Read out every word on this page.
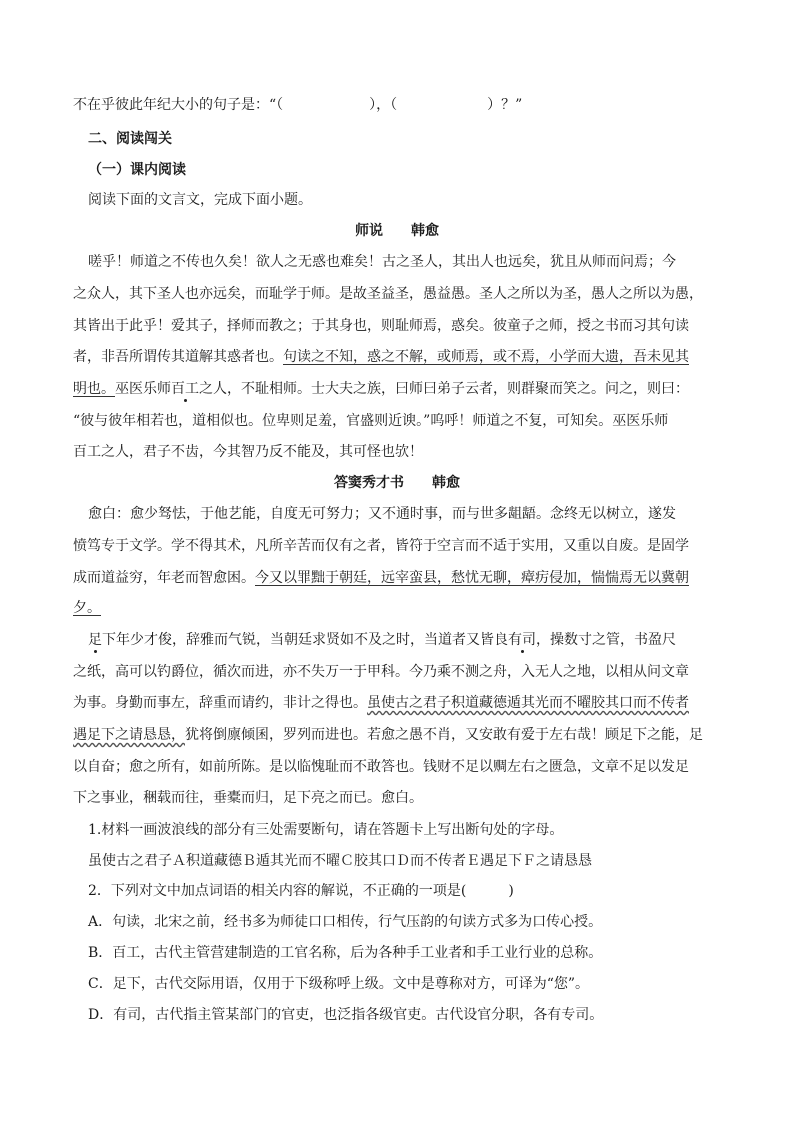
不在乎彼此年纪大小的句子是：“（	），（	）？”
二、阅读闯关
（一）课内阅读
阅读下面的文言文，完成下面小题。
师说 韩愈
嗟乎！师道之不传也久矣！欲人之无惑也难矣！古之圣人，其出人也远矣，犹且从师而问焉；今
之众人，其下圣人也亦远矣，而耻学于师。是故圣益圣，愚益愚。圣人之所以为圣，愚人之所以为愚，
其皆出于此乎！爱其子，择师而教之；于其身也，则耻师焉，惑矣。彼童子之师，授之书而习其句读
者，非吾所谓传其道解其惑者也。句读之不知，惑之不解，或师焉，或不焉，小学而大遗，吾未见其
明也。巫医乐师百工之人，不耻相师。士大夫之族，曰师曰弟子云者，则群聚而笑之。问之，则曰：
“彼与彼年相若也，道相似也。位卑则足羞，官盛则近谀。”呜呼！师道之不复，可知矣。巫医乐师
百工之人，君子不齿，今其智乃反不能及，其可怪也欤！
答窦秀才书 韩愈
愈白：愈少驽怯，于他艺能，自度无可努力；又不通时事，而与世多龃龉。念终无以树立，遂发
愤笃专于文学。学不得其术，凡所辛苦而仅有之者，皆符于空言而不适于实用，又重以自废。是固学
成而道益穷，年老而智愈困。今又以罪黜于朝廷，远宰蛮县，愁忧无聊，瘴疠侵加，惴惴焉无以冀朝
夕。
足下年少才俊，辞雅而气锐，当朝廷求贤如不及之时，当道者又皆良有司，操数寸之管，书盈尺
之纸，高可以钓爵位，循次而进，亦不失万一于甲科。今乃乘不测之舟，入无人之地，以相从问文章
为事。身勤而事左，辞重而请约，非计之得也。虽使古之君子积道藏德遁其光而不曜胶其口而不传者
遇足下之请恳恳，犹将倒廪倾囷，罗列而进也。若愈之愚不肖，又安敢有爱于左右哉！顾足下之能，足
以自奋；愈之所有，如前所陈。是以临愧耻而不敢答也。钱财不足以赒左右之匮急，文章不足以发足
下之事业，稇载而往，垂橐而归，足下亮之而已。愈白。
1.材料一画波浪线的部分有三处需要断句，请在答题卡上写出断句处的字母。
虽使古之君子Ａ积道藏德Ｂ遁其光而不曜Ｃ胶其口Ｄ而不传者Ｅ遇足下Ｆ之请恳恳
2．下列对文中加点词语的相关内容的解说，不正确的一项是(　　　)
A．句读，北宋之前，经书多为师徒口口相传，行气压韵的句读方式多为口传心授。
B．百工，古代主管营建制造的工官名称，后为各种手工业者和手工业行业的总称。
C．足下，古代交际用语，仅用于下级称呼上级。文中是尊称对方，可译为“您”。
D．有司，古代指主管某部门的官吏，也泛指各级官吏。古代设官分职，各有专司。
